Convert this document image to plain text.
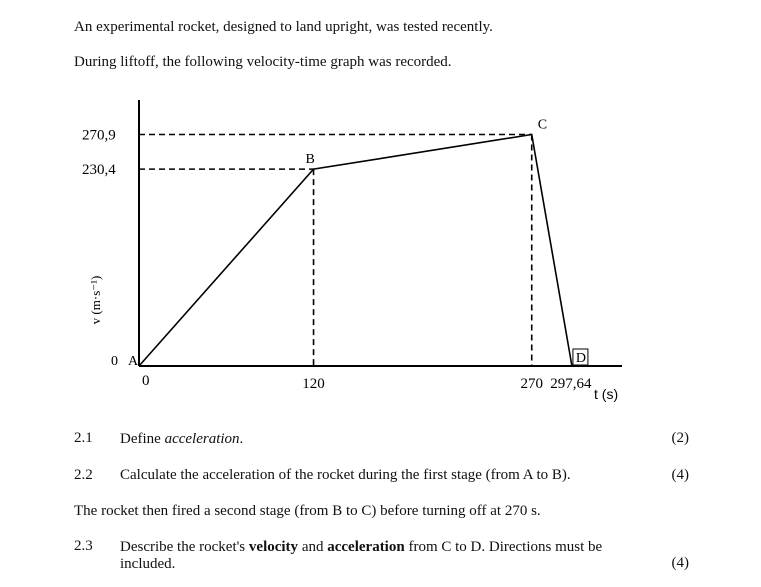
An experimental rocket, designed to land upright, was tested recently.

During liftoff, the following velocity-time graph was recorded.

A
B
C
D
0
270,9
230,4
0	120	270 297,64
t (s)
v (m·s⁻¹)
2.1 Define acceleration.	(2)
2.2 Calculate the acceleration of the rocket during the first stage (from A to B).	(4)

The rocket then fired a second stage (from B to C) before turning off at 270 s.

2.3 Describe the rocket's velocity and acceleration from C to D. Directions must be
included.	(4)
